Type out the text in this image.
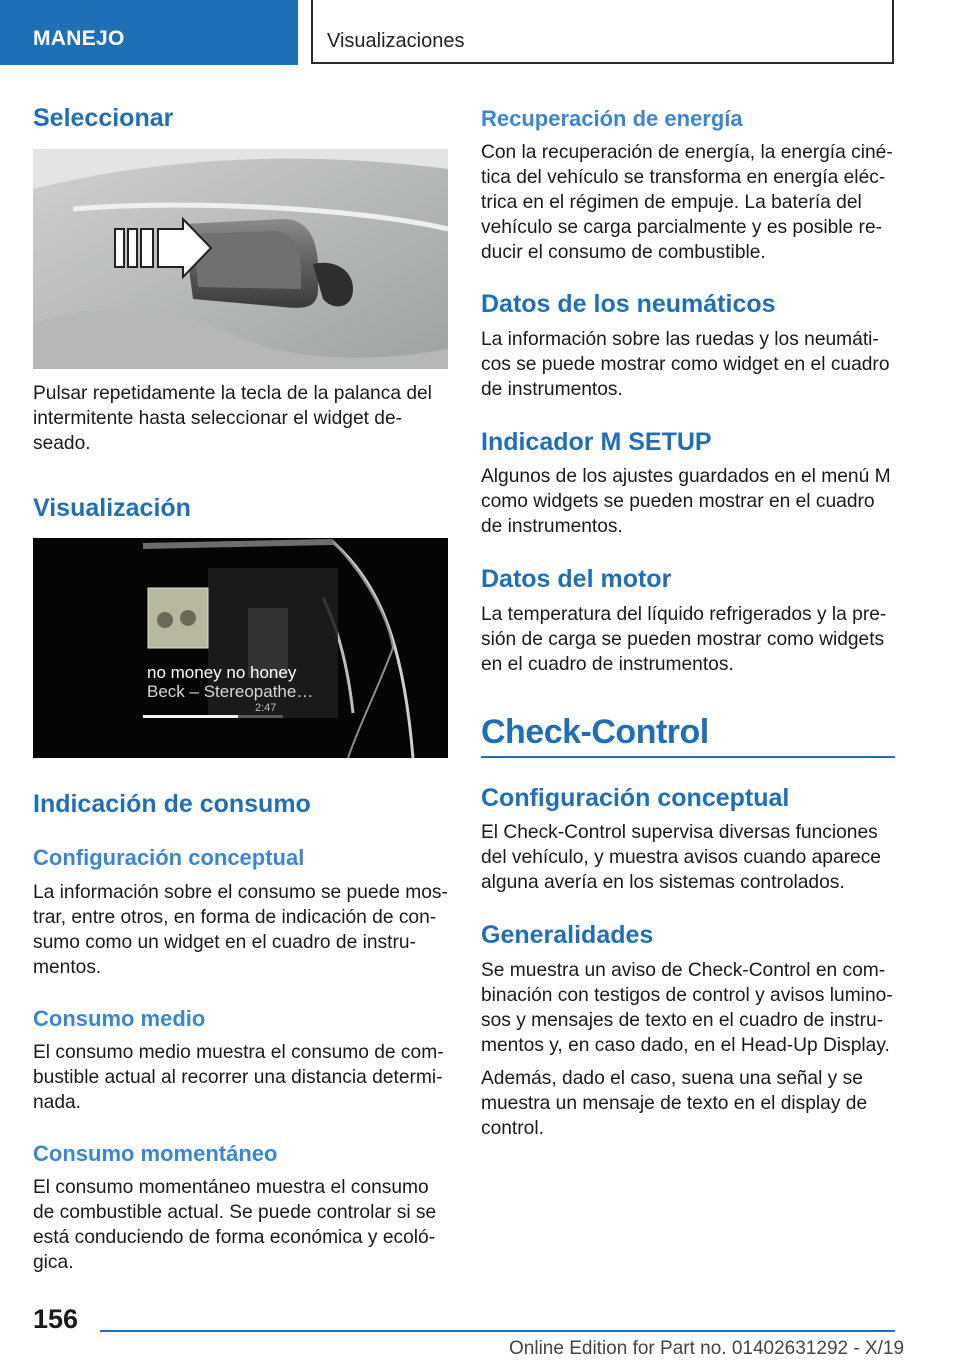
MANEJO	Visualizaciones
Seleccionar

Pulsar repetidamente la tecla de la palanca del intermitente hasta seleccionar el widget deseado.

Visualización
no money no honey
Beck – Stereopathe…
2:47
Indicación de consumo
Configuración conceptual

La información sobre el consumo se puede mostrar, entre otros, en forma de indicación de consumo como un widget en el cuadro de instrumentos.

Consumo medio

El consumo medio muestra el consumo de combustible actual al recorrer una distancia determinada.

Consumo momentáneo

El consumo momentáneo muestra el consumo de combustible actual. Se puede controlar si se está conduciendo de forma económica y ecológica.

Recuperación de energía

Con la recuperación de energía, la energía cinética del vehículo se transforma en energía eléctrica en el régimen de empuje. La batería del vehículo se carga parcialmente y es posible reducir el consumo de combustible.

Datos de los neumáticos

La información sobre las ruedas y los neumáticos se puede mostrar como widget en el cuadro de instrumentos.

Indicador M SETUP

Algunos de los ajustes guardados en el menú M como widgets se pueden mostrar en el cuadro de instrumentos.

Datos del motor

La temperatura del líquido refrigerados y la presión de carga se pueden mostrar como widgets en el cuadro de instrumentos.

Check-Control
Configuración conceptual

El Check-Control supervisa diversas funciones del vehículo, y muestra avisos cuando aparece alguna avería en los sistemas controlados.

Generalidades

Se muestra un aviso de Check-Control en combinación con testigos de control y avisos luminosos y mensajes de texto en el cuadro de instrumentos y, en caso dado, en el Head-Up Display.

Además, dado el caso, suena una señal y se muestra un mensaje de texto en el display de control.

156
Online Edition for Part no. 01402631292 - X/19
